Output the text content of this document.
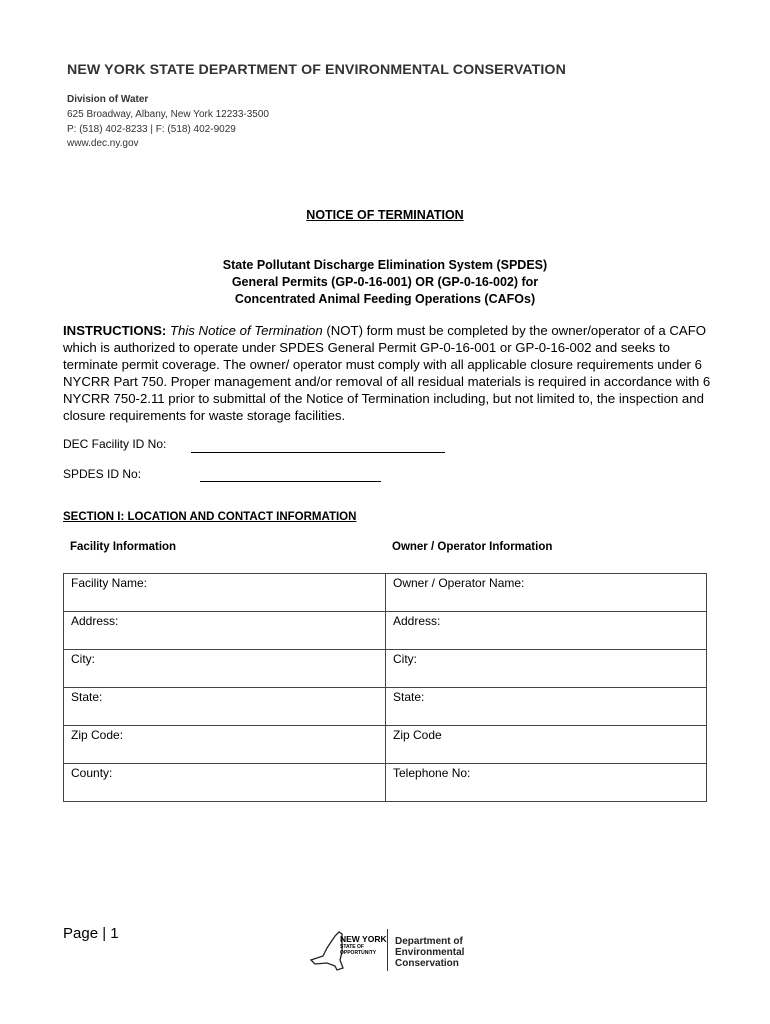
NEW YORK STATE DEPARTMENT OF ENVIRONMENTAL CONSERVATION
Division of Water
625 Broadway, Albany, New York 12233-3500
P: (518) 402-8233 | F: (518) 402-9029
www.dec.ny.gov
NOTICE OF TERMINATION
State Pollutant Discharge Elimination System (SPDES)
General Permits (GP-0-16-001) OR (GP-0-16-002) for
Concentrated Animal Feeding Operations (CAFOs)
INSTRUCTIONS: This Notice of Termination (NOT) form must be completed by the owner/operator of a CAFO which is authorized to operate under SPDES General Permit GP-0-16-001 or GP-0-16-002 and seeks to terminate permit coverage. The owner/ operator must comply with all applicable closure requirements under 6 NYCRR Part 750. Proper management and/or removal of all residual materials is required in accordance with 6 NYCRR 750-2.11 prior to submittal of the Notice of Termination including, but not limited to, the inspection and closure requirements for waste storage facilities.
DEC Facility ID No:
SPDES ID No:
SECTION I: LOCATION AND CONTACT INFORMATION
Facility Information	Owner / Operator Information
Facility Name:	Owner / Operator Name:
Address:	Address:
City:	City:
State:	State:
Zip Code:	Zip Code
County:	Telephone No:
Page | 1	NEW YORK
STATE OF
OPPORTUNITY
Department of
Environmental
Conservation
